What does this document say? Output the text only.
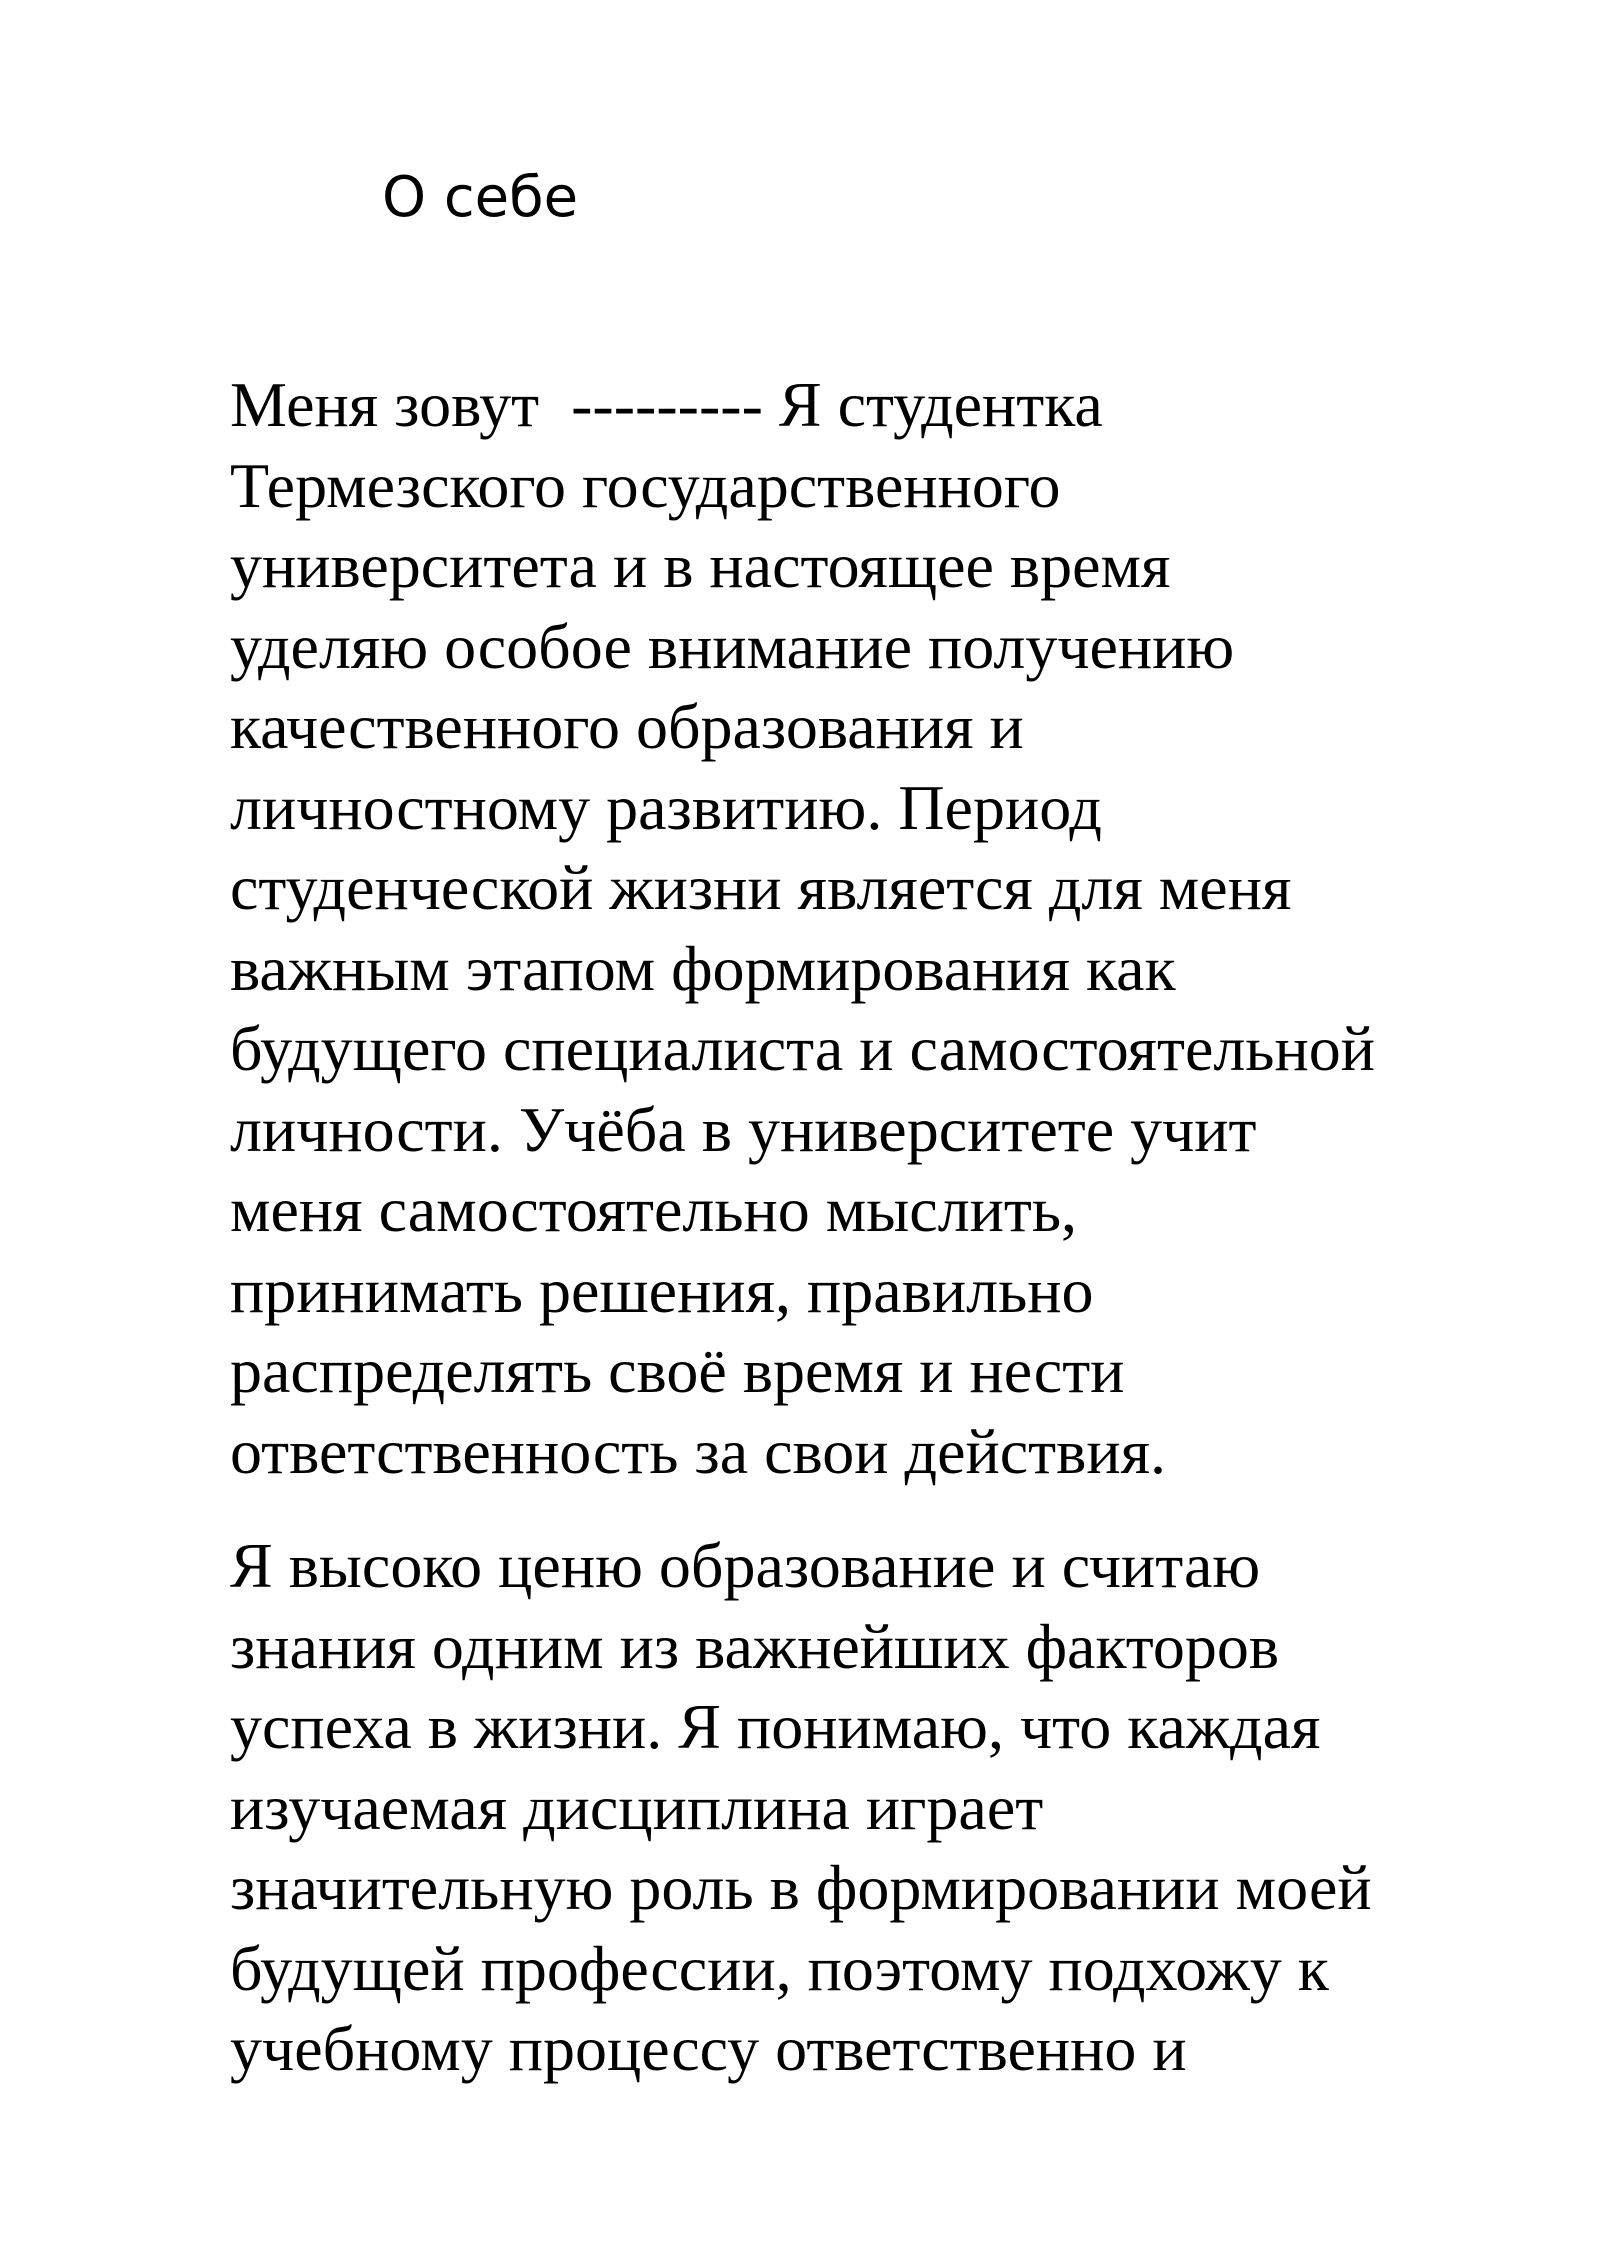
О себе

Меня зовут  --------- Я студентка
Термезского государственного
университета и в настоящее время
уделяю особое внимание получению
качественного образования и
личностному развитию. Период
студенческой жизни является для меня
важным этапом формирования как
будущего специалиста и самостоятельной
личности. Учёба в университете учит
меня самостоятельно мыслить,
принимать решения, правильно
распределять своё время и нести
ответственность за свои действия.

Я высоко ценю образование и считаю
знания одним из важнейших факторов
успеха в жизни. Я понимаю, что каждая
изучаемая дисциплина играет
значительную роль в формировании моей
будущей профессии, поэтому подхожу к
учебному процессу ответственно и
